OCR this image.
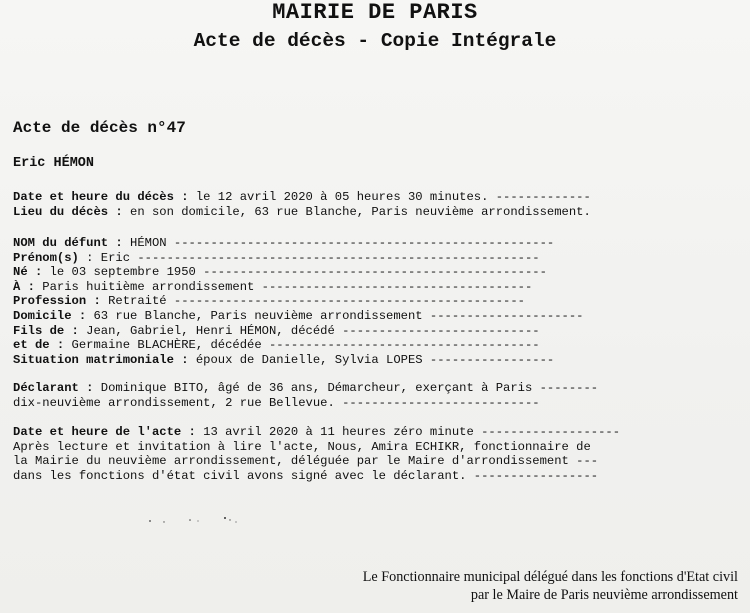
MAIRIE DE PARIS
Acte de décès - Copie Intégrale
Acte de décès n°47
Eric HÉMON
Date et heure du décès : le 12 avril 2020 à 05 heures 30 minutes. -------------
Lieu du décès : en son domicile, 63 rue Blanche, Paris neuvième arrondissement.
NOM du défunt : HÉMON ----------------------------------------------------
Prénom(s) : Eric -------------------------------------------------------
Né : le 03 septembre 1950 -----------------------------------------------
À : Paris huitième arrondissement -------------------------------------
Profession : Retraité ------------------------------------------------
Domicile : 63 rue Blanche, Paris neuvième arrondissement ---------------------
Fils de : Jean, Gabriel, Henri HÉMON, décédé ---------------------------
et de : Germaine BLACHÈRE, décédée -------------------------------------
Situation matrimoniale : époux de Danielle, Sylvia LOPES -----------------
Déclarant : Dominique BITO, âgé de 36 ans, Démarcheur, exerçant à Paris --------
dix-neuvième arrondissement, 2 rue Bellevue. ---------------------------
Date et heure de l'acte : 13 avril 2020 à 11 heures zéro minute -------------------
Après lecture et invitation à lire l'acte, Nous, Amira ECHIKR, fonctionnaire de
la Mairie du neuvième arrondissement, déléguée par le Maire d'arrondissement ---
dans les fonctions d'état civil avons signé avec le déclarant. -----------------
Le Fonctionnaire municipal délégué dans les fonctions d'Etat civil
par le Maire de Paris neuvième arrondissement
